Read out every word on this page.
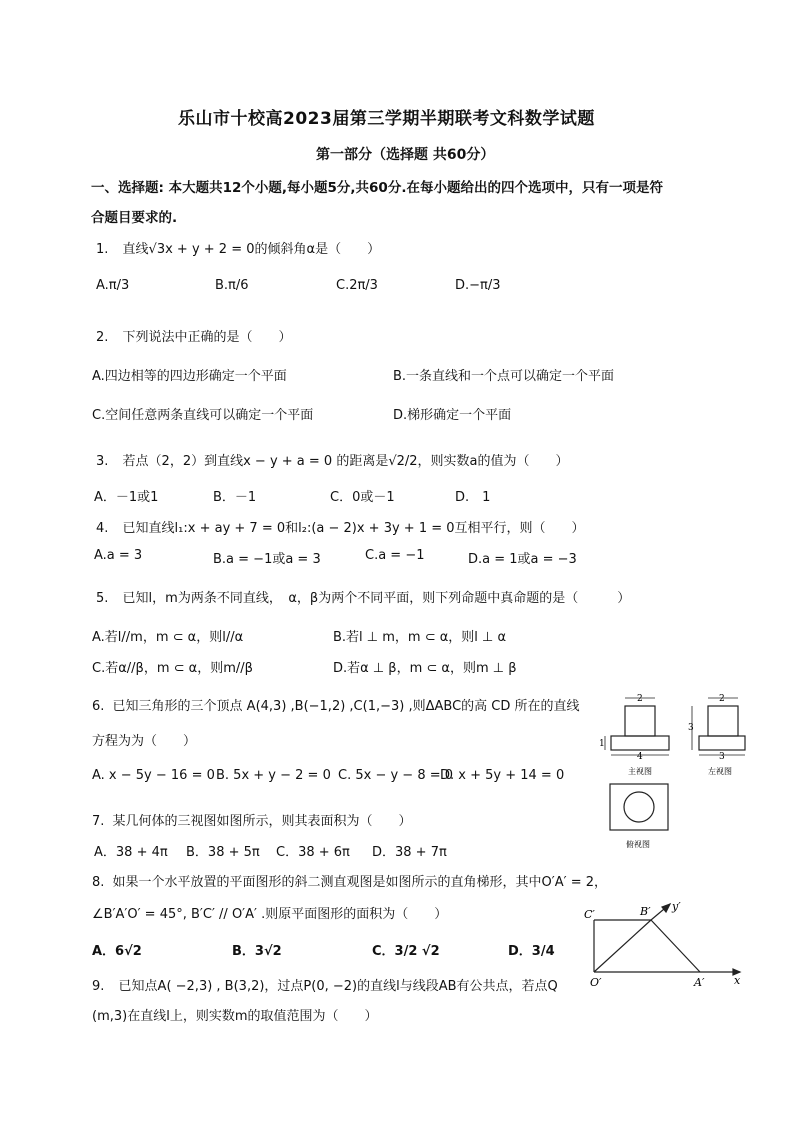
乐山市十校高2023届第三学期半期联考文科数学试题
第一部分（选择题 共60分）
一、选择题: 本大题共12个小题,每小题5分,共60分.在每小题给出的四个选项中，只有一项是符
合题目要求的.
1. 直线√3x + y + 2 = 0的倾斜角α是（　　）
A.π/3	B.π/6	C.2π/3	D.−π/3
2. 下列说法中正确的是（　　）
A.四边相等的四边形确定一个平面	B.一条直线和一个点可以确定一个平面
C.空间任意两条直线可以确定一个平面	D.梯形确定一个平面
3. 若点（2，2）到直线x − y + a = 0 的距离是√2/2，则实数a的值为（　　）
A．－1或1	B．－1	C．0或－1	D.　1
4. 已知直线l₁:x + ay + 7 = 0和l₂:(a − 2)x + 3y + 1 = 0互相平行，则（　　）
A.a = 3	B.a = −1或a = 3	C.a = −1	D.a = 1或a = −3
5. 已知l，m为两条不同直线，　α，β为两个不同平面，则下列命题中真命题的是（　　　）
A.若l//m，m ⊂ α，则l//α	B.若l ⊥ m，m ⊂ α，则l ⊥ α
C.若α//β，m ⊂ α，则m//β	D.若α ⊥ β，m ⊂ α，则m ⊥ β
6. 已知三角形的三个顶点 A(4,3) ,B(−1,2) ,C(1,−3) ,则ΔABC的高 CD 所在的直线
方程为为（　　）
A. x − 5y − 16 = 0 B. 5x + y − 2 = 0 C. 5x − y − 8 = 0
D. x + 5y + 14 = 0
7. 某几何体的三视图如图所示，则其表面积为（　　）
A．38 + 4π B．38 + 5π C．38 + 6π D．38 + 7π
8. 如果一个水平放置的平面图形的斜二测直观图是如图所示的直角梯形，其中O′A′ = 2，
∠B′A′O′ = 45°, B′C′ // O′A′ .则原平面图形的面积为（　　）
A．6√2	B．3√2	C．3/2 √2	D．3/4
9. 已知点A( −2,3) , B(3,2)，过点P(0, −2)的直线l与线段AB有公共点，若点Q
(m,3)在直线l上，则实数m的取值范围为（　　）
2
4
1
主视图
2
3
3
左视图
俯视图
C′	B′ y′
O′	A′	x
